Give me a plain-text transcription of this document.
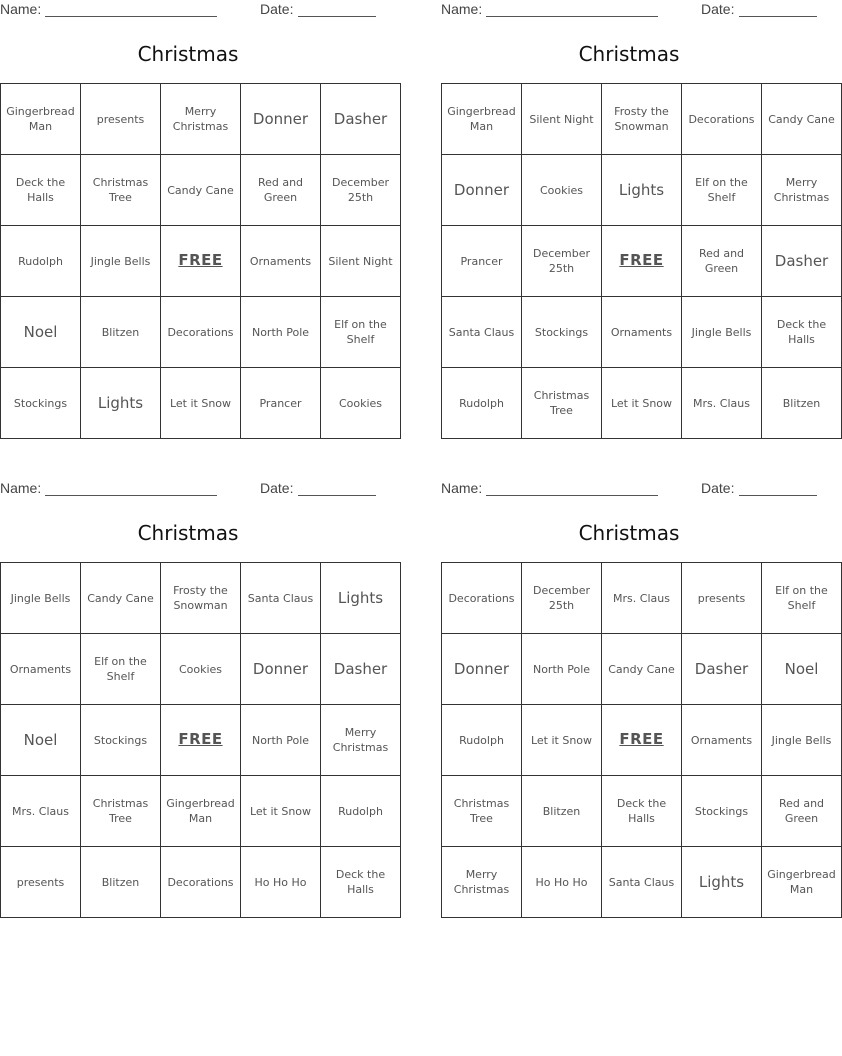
Name:	Date:
Christmas
Gingerbread Man	presents	Merry Christmas	Donner	Dasher
Deck the Halls	Christmas Tree	Candy Cane	Red and Green	December 25th
Rudolph	Jingle Bells	FREE	Ornaments	Silent Night
Noel	Blitzen	Decorations	North Pole	Elf on the Shelf
Stockings	Lights	Let it Snow	Prancer	Cookies
Name:	Date:
Christmas
Gingerbread Man	Silent Night	Frosty the Snowman	Decorations	Candy Cane
Donner	Cookies	Lights	Elf on the Shelf	Merry Christmas
Prancer	December 25th	FREE	Red and Green	Dasher
Santa Claus	Stockings	Ornaments	Jingle Bells	Deck the Halls
Rudolph	Christmas Tree	Let it Snow	Mrs. Claus	Blitzen
Name:	Date:
Christmas
Jingle Bells	Candy Cane	Frosty the Snowman	Santa Claus	Lights
Ornaments	Elf on the Shelf	Cookies	Donner	Dasher
Noel	Stockings	FREE	North Pole	Merry Christmas
Mrs. Claus	Christmas Tree	Gingerbread Man	Let it Snow	Rudolph
presents	Blitzen	Decorations	Ho Ho Ho	Deck the Halls
Name:	Date:
Christmas
Decorations	December 25th	Mrs. Claus	presents	Elf on the Shelf
Donner	North Pole	Candy Cane	Dasher	Noel
Rudolph	Let it Snow	FREE	Ornaments	Jingle Bells
Christmas Tree	Blitzen	Deck the Halls	Stockings	Red and Green
Merry Christmas	Ho Ho Ho	Santa Claus	Lights	Gingerbread Man
